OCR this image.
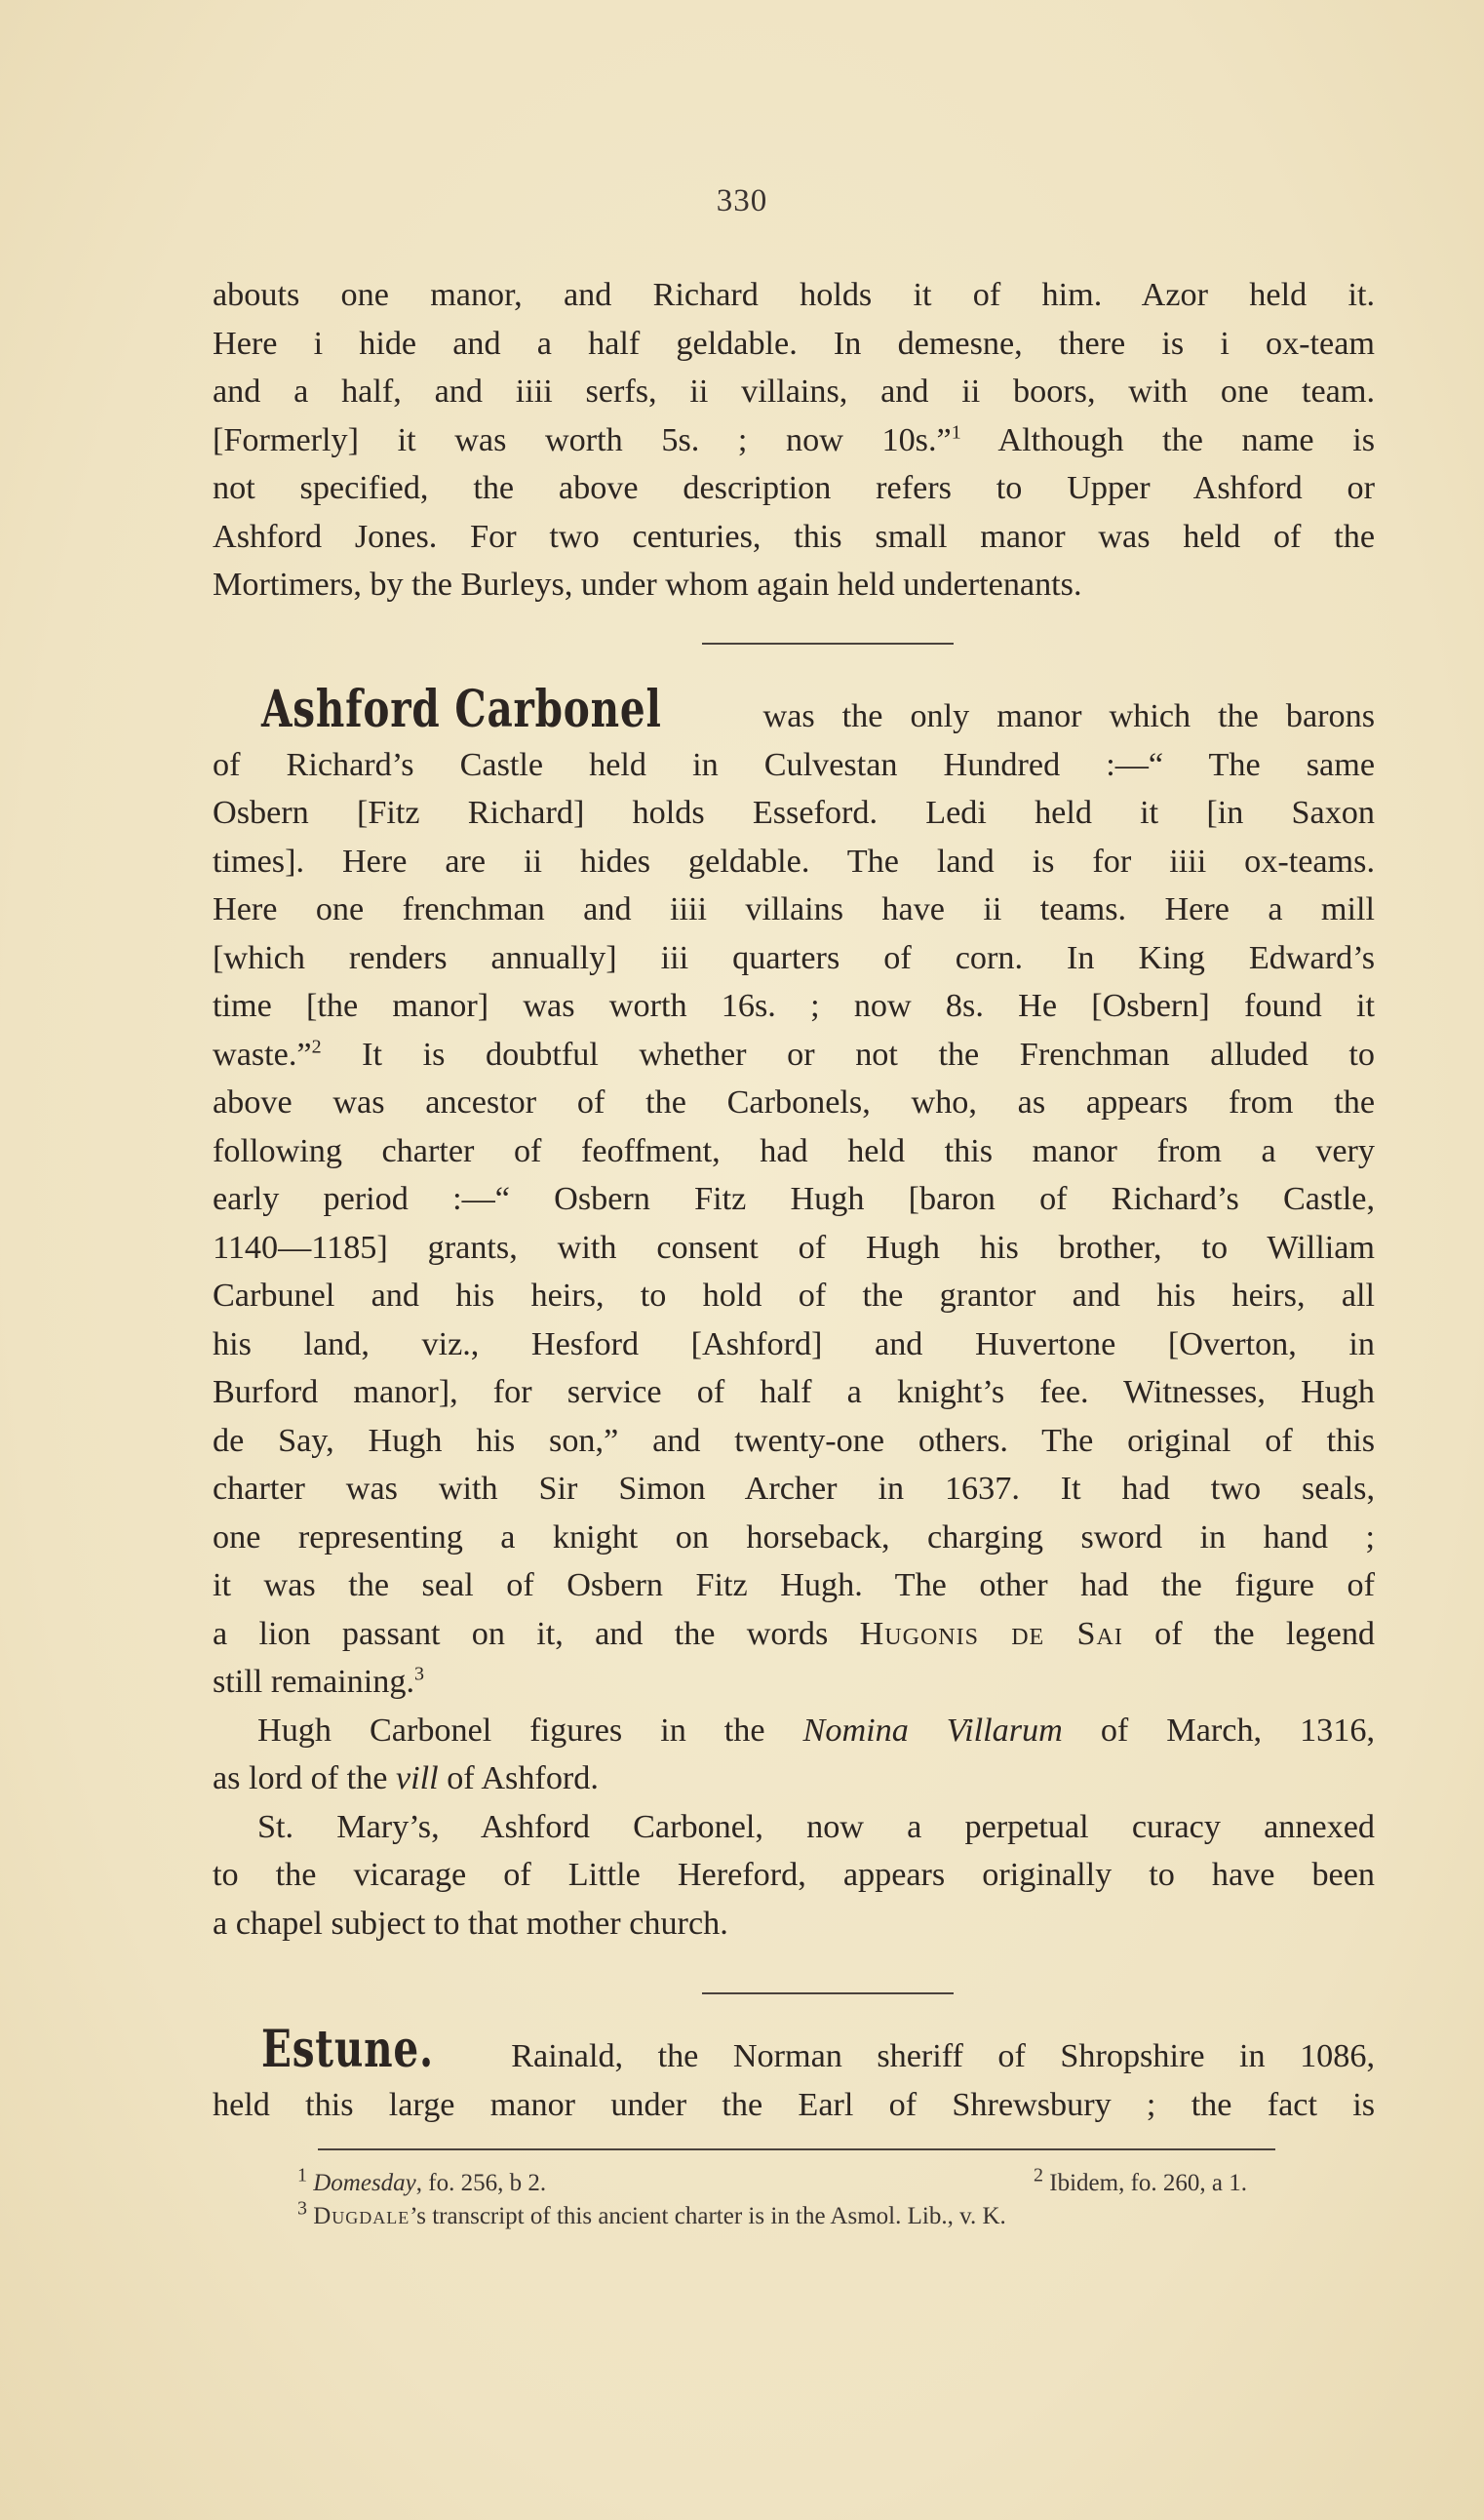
330
abouts one manor, and Richard holds it of him. Azor held it.
Here i hide and a half geldable. In demesne, there is i ox-team
and a half, and iiii serfs, ii villains, and ii boors, with one team.
[Formerly] it was worth 5s. ; now 10s.”$^1$ Although the name is
not specified, the above description refers to Upper Ashford or
Ashford Jones. For two centuries, this small manor was held of the
Mortimers, by the Burleys, under whom again held undertenants.
Ashford Carbonel	was the only manor which the barons
of Richard’s Castle held in Culvestan Hundred :—“ The same
Osbern [Fitz Richard] holds Esseford. Ledi held it [in Saxon
times]. Here are ii hides geldable. The land is for iiii ox-teams.
Here one frenchman and iiii villains have ii teams. Here a mill
[which renders annually] iii quarters of corn. In King Edward’s
time [the manor] was worth 16s. ; now 8s. He [Osbern] found it
waste.”$^2$ It is doubtful whether or not the Frenchman alluded to
above was ancestor of the Carbonels, who, as appears from the
following charter of feoffment, had held this manor from a very
early period :—“ Osbern Fitz Hugh [baron of Richard’s Castle,
1140—1185] grants, with consent of Hugh his brother, to William
Carbunel and his heirs, to hold of the grantor and his heirs, all
his land, viz., Hesford [Ashford] and Huvertone [Overton, in
Burford manor], for service of half a knight’s fee. Witnesses, Hugh
de Say, Hugh his son,” and twenty-one others. The original of this
charter was with Sir Simon Archer in 1637. It had two seals,
one representing a knight on horseback, charging sword in hand ;
it was the seal of Osbern Fitz Hugh. The other had the figure of
a lion passant on it, and the words Hugonis de Sai of the legend
still remaining.$^3$
Hugh Carbonel figures in the Nomina Villarum of March, 1316,
as lord of the vill of Ashford.
St. Mary’s, Ashford Carbonel, now a perpetual curacy annexed
to the vicarage of Little Hereford, appears originally to have been
a chapel subject to that mother church.
Estune. Rainald, the Norman sheriff of Shropshire in 1086,
held this large manor under the Earl of Shrewsbury ; the fact is
$^1$ Domesday, fo. 256, b 2.	$^2$ Ibidem, fo. 260, a 1.
$^3$ Dugdale’s transcript of this ancient charter is in the Asmol. Lib., v. K.
